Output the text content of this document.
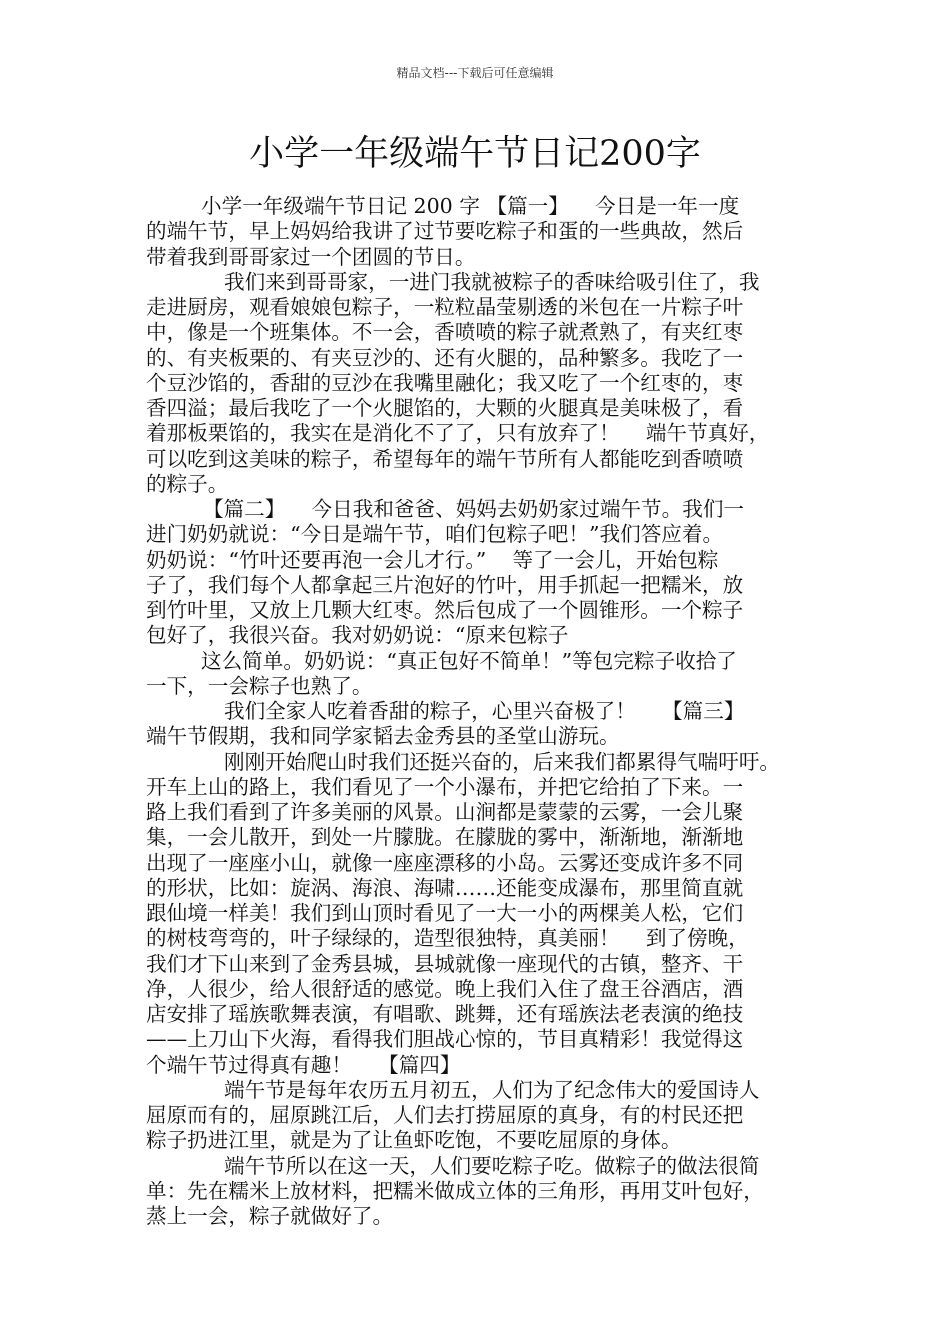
精品文档---下载后可任意编辑
小学一年级端午节日记200字
小学一年级端午节日记 200 字 【篇一】    今日是一年一度
的端午节，早上妈妈给我讲了过节要吃粽子和蛋的一些典故，然后
带着我到哥哥家过一个团圆的节日。
我们来到哥哥家，一进门我就被粽子的香味给吸引住了，我
走进厨房，观看娘娘包粽子，一粒粒晶莹剔透的米包在一片粽子叶
中，像是一个班集体。不一会，香喷喷的粽子就煮熟了，有夹红枣
的、有夹板栗的、有夹豆沙的、还有火腿的，品种繁多。我吃了一
个豆沙馅的，香甜的豆沙在我嘴里融化；我又吃了一个红枣的，枣
香四溢；最后我吃了一个火腿馅的，大颗的火腿真是美味极了，看
着那板栗馅的，我实在是消化不了了，只有放弃了！    端午节真好，
可以吃到这美味的粽子，希望每年的端午节所有人都能吃到香喷喷
的粽子。
【篇二】    今日我和爸爸、妈妈去奶奶家过端午节。我们一
进门奶奶就说：“今日是端午节，咱们包粽子吧！”我们答应着。
奶奶说：“竹叶还要再泡一会儿才行。”    等了一会儿，开始包粽
子了，我们每个人都拿起三片泡好的竹叶，用手抓起一把糯米，放
到竹叶里，又放上几颗大红枣。然后包成了一个圆锥形。一个粽子
包好了，我很兴奋。我对奶奶说：“原来包粽子
这么简单。奶奶说：“真正包好不简单！”等包完粽子收拾了
一下，一会粽子也熟了。
我们全家人吃着香甜的粽子，心里兴奋极了！    【篇三】
端午节假期，我和同学家韬去金秀县的圣堂山游玩。
刚刚开始爬山时我们还挺兴奋的，后来我们都累得气喘吁吁。
开车上山的路上，我们看见了一个小瀑布，并把它给拍了下来。一
路上我们看到了许多美丽的风景。山涧都是蒙蒙的云雾，一会儿聚
集，一会儿散开，到处一片朦胧。在朦胧的雾中，渐渐地，渐渐地
出现了一座座小山，就像一座座漂移的小岛。云雾还变成许多不同
的形状，比如：旋涡、海浪、海啸……还能变成瀑布，那里简直就
跟仙境一样美！我们到山顶时看见了一大一小的两棵美人松，它们
的树枝弯弯的，叶子绿绿的，造型很独特，真美丽！    到了傍晚，
我们才下山来到了金秀县城，县城就像一座现代的古镇，整齐、干
净，人很少，给人很舒适的感觉。晚上我们入住了盘王谷酒店，酒
店安排了瑶族歌舞表演，有唱歌、跳舞，还有瑶族法老表演的绝技
——上刀山下火海，看得我们胆战心惊的，节目真精彩！我觉得这
个端午节过得真有趣！    【篇四】
端午节是每年农历五月初五，人们为了纪念伟大的爱国诗人
屈原而有的，屈原跳江后，人们去打捞屈原的真身，有的村民还把
粽子扔进江里，就是为了让鱼虾吃饱，不要吃屈原的身体。
端午节所以在这一天，人们要吃粽子吃。做粽子的做法很简
单：先在糯米上放材料，把糯米做成立体的三角形，再用艾叶包好，
蒸上一会，粽子就做好了。
